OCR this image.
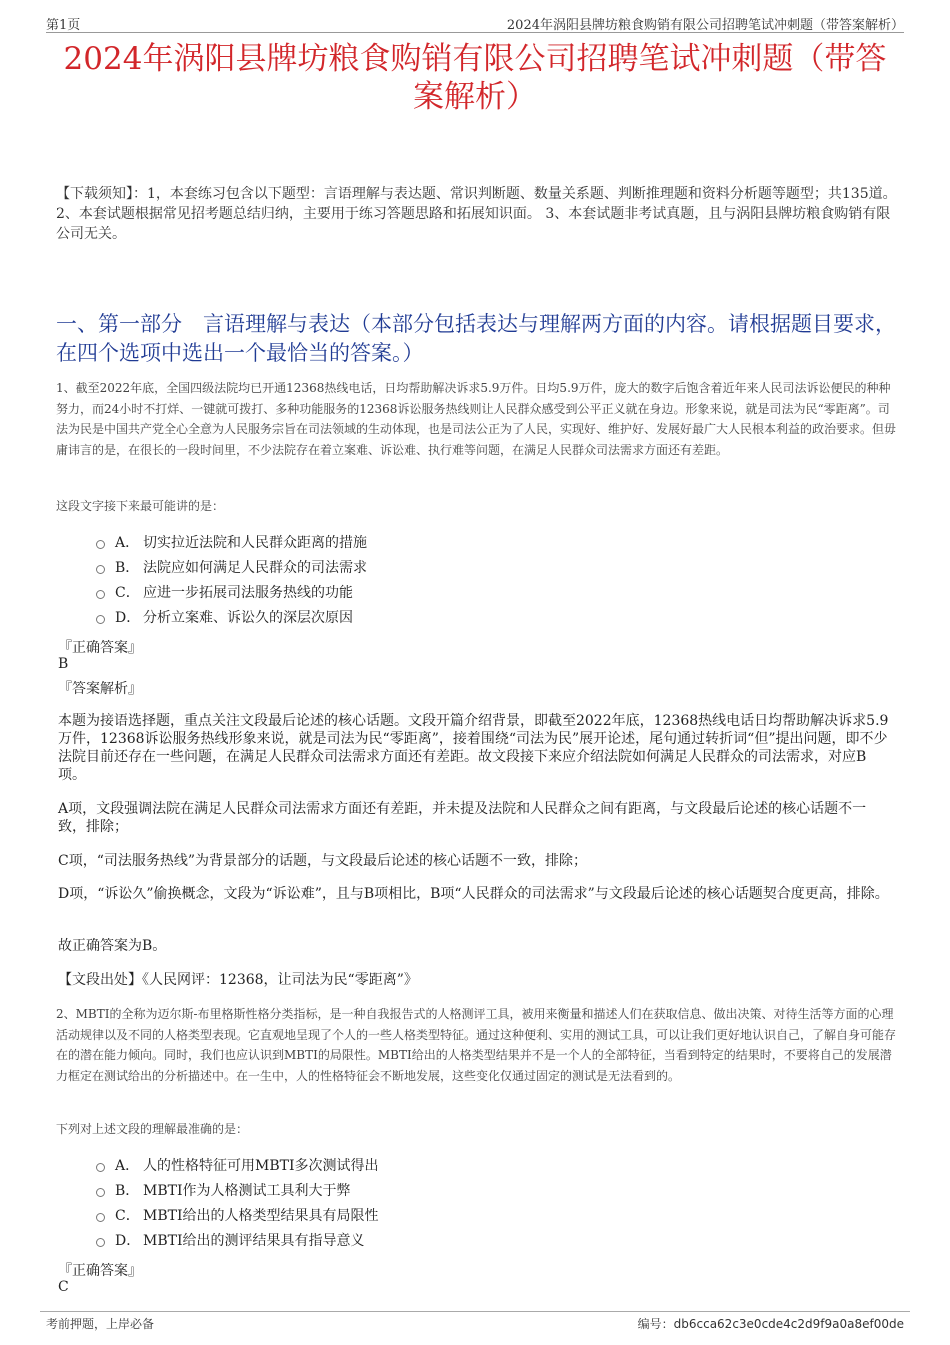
第1页	2024年涡阳县牌坊粮食购销有限公司招聘笔试冲刺题（带答案解析）
2024年涡阳县牌坊粮食购销有限公司招聘笔试冲刺题（带答案解析）
【下载须知】：1，本套练习包含以下题型：言语理解与表达题、常识判断题、数量关系题、判断推理题和资料分析题等题型；共135道。 2、本套试题根据常见招考题总结归纳，主要用于练习答题思路和拓展知识面。 3、本套试题非考试真题，且与涡阳县牌坊粮食购销有限公司无关。
一、第一部分　言语理解与表达（本部分包括表达与理解两方面的内容。请根据题目要求，在四个选项中选出一个最恰当的答案。）
1、截至2022年底，全国四级法院均已开通12368热线电话，日均帮助解决诉求5.9万件。日均5.9万件，庞大的数字后饱含着近年来人民司法诉讼便民的种种努力，而24小时不打烊、一键就可拨打、多种功能服务的12368诉讼服务热线则让人民群众感受到公平正义就在身边。形象来说，就是司法为民“零距离”。司法为民是中国共产党全心全意为人民服务宗旨在司法领域的生动体现，也是司法公正为了人民，实现好、维护好、发展好最广大人民根本利益的政治要求。但毋庸讳言的是，在很长的一段时间里，不少法院存在着立案难、诉讼难、执行难等问题，在满足人民群众司法需求方面还有差距。
这段文字接下来最可能讲的是：
A． 切实拉近法院和人民群众距离的措施
B． 法院应如何满足人民群众的司法需求
C． 应进一步拓展司法服务热线的功能
D． 分析立案难、诉讼久的深层次原因
『正确答案』
B
『答案解析』
本题为接语选择题，重点关注文段最后论述的核心话题。文段开篇介绍背景，即截至2022年底，12368热线电话日均帮助解决诉求5.9万件，12368诉讼服务热线形象来说，就是司法为民“零距离”，接着围绕“司法为民”展开论述，尾句通过转折词“但”提出问题，即不少法院目前还存在一些问题，在满足人民群众司法需求方面还有差距。故文段接下来应介绍法院如何满足人民群众的司法需求，对应B项。
A项，文段强调法院在满足人民群众司法需求方面还有差距，并未提及法院和人民群众之间有距离，与文段最后论述的核心话题不一致，排除；
C项，“司法服务热线”为背景部分的话题，与文段最后论述的核心话题不一致，排除；
D项，“诉讼久”偷换概念，文段为“诉讼难”，且与B项相比，B项“人民群众的司法需求”与文段最后论述的核心话题契合度更高，排除。
故正确答案为B。
【文段出处】《人民网评：12368，让司法为民“零距离”》
2、MBTI的全称为迈尔斯-布里格斯性格分类指标，是一种自我报告式的人格测评工具，被用来衡量和描述人们在获取信息、做出决策、对待生活等方面的心理活动规律以及不同的人格类型表现。它直观地呈现了个人的一些人格类型特征。通过这种便利、实用的测试工具，可以让我们更好地认识自己，了解自身可能存在的潜在能力倾向。同时，我们也应认识到MBTI的局限性。MBTI给出的人格类型结果并不是一个人的全部特征，当看到特定的结果时，不要将自己的发展潜力框定在测试给出的分析描述中。在一生中，人的性格特征会不断地发展，这些变化仅通过固定的测试是无法看到的。
下列对上述文段的理解最准确的是：
A． 人的性格特征可用MBTI多次测试得出
B． MBTI作为人格测试工具利大于弊
C． MBTI给出的人格类型结果具有局限性
D． MBTI给出的测评结果具有指导意义
『正确答案』
C
考前押题，上岸必备	编号：db6cca62c3e0cde4c2d9f9a0a8ef00de
